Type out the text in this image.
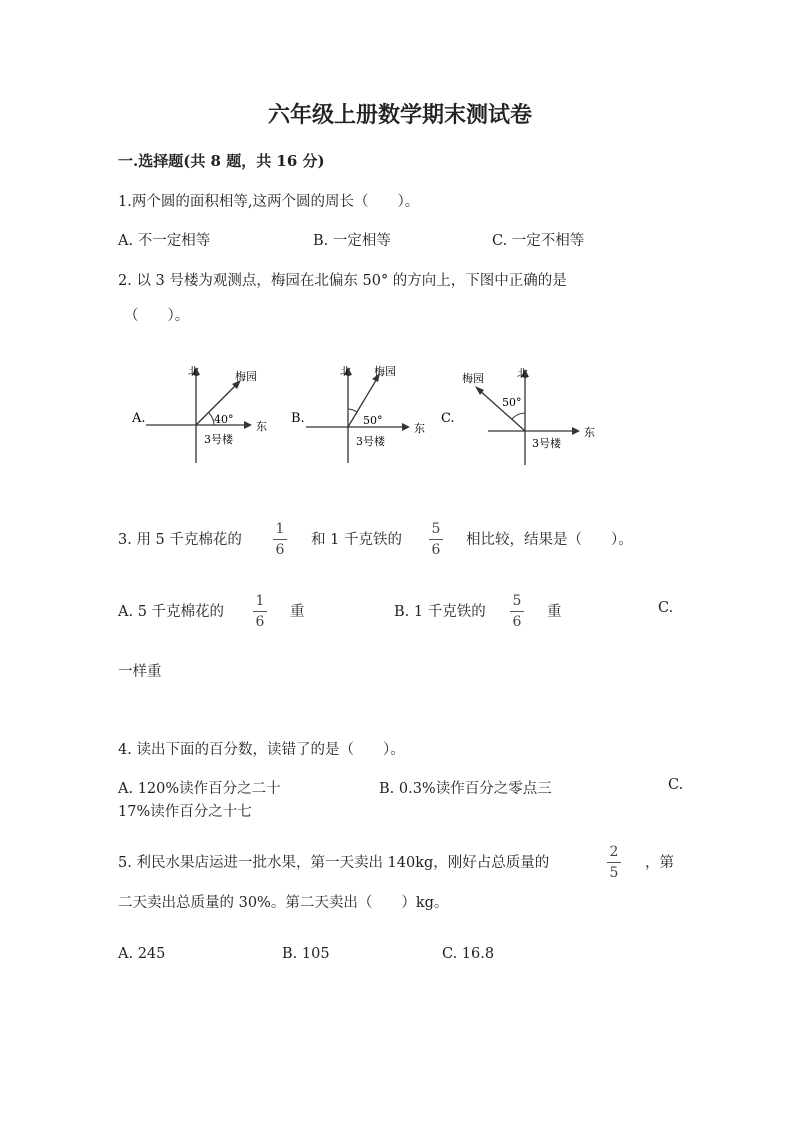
六年级上册数学期末测试卷
一.选择题(共 8 题，共 16 分)
1.两个圆的面积相等,这两个圆的周长（　　）。
A. 不一定相等	B. 一定相等	C. 一定不相等
2. 以 3 号楼为观测点，梅园在北偏东 50° 的方向上，下图中正确的是
（　　）。
A.
北	梅园
40°
东
3号楼
B.
北 梅园
50°
东
3号楼
C.
梅园	北
50°
东
3号楼
3. 用 5 千克棉花的
1
6
和 1 千克铁的
5
6
相比较，结果是（　　）。
A. 5 千克棉花的
1
6
重	B. 1 千克铁的
5
6
重	C.
一样重
4. 读出下面的百分数，读错了的是（　　）。
A. 120%读作百分之二十	B. 0.3%读作百分之零点三	C.
17%读作百分之十七
5. 利民水果店运进一批水果，第一天卖出 140kg，刚好占总质量的
2
5
，第
二天卖出总质量的 30%。第二天卖出（　　）kg。
A. 245	B. 105	C. 16.8
